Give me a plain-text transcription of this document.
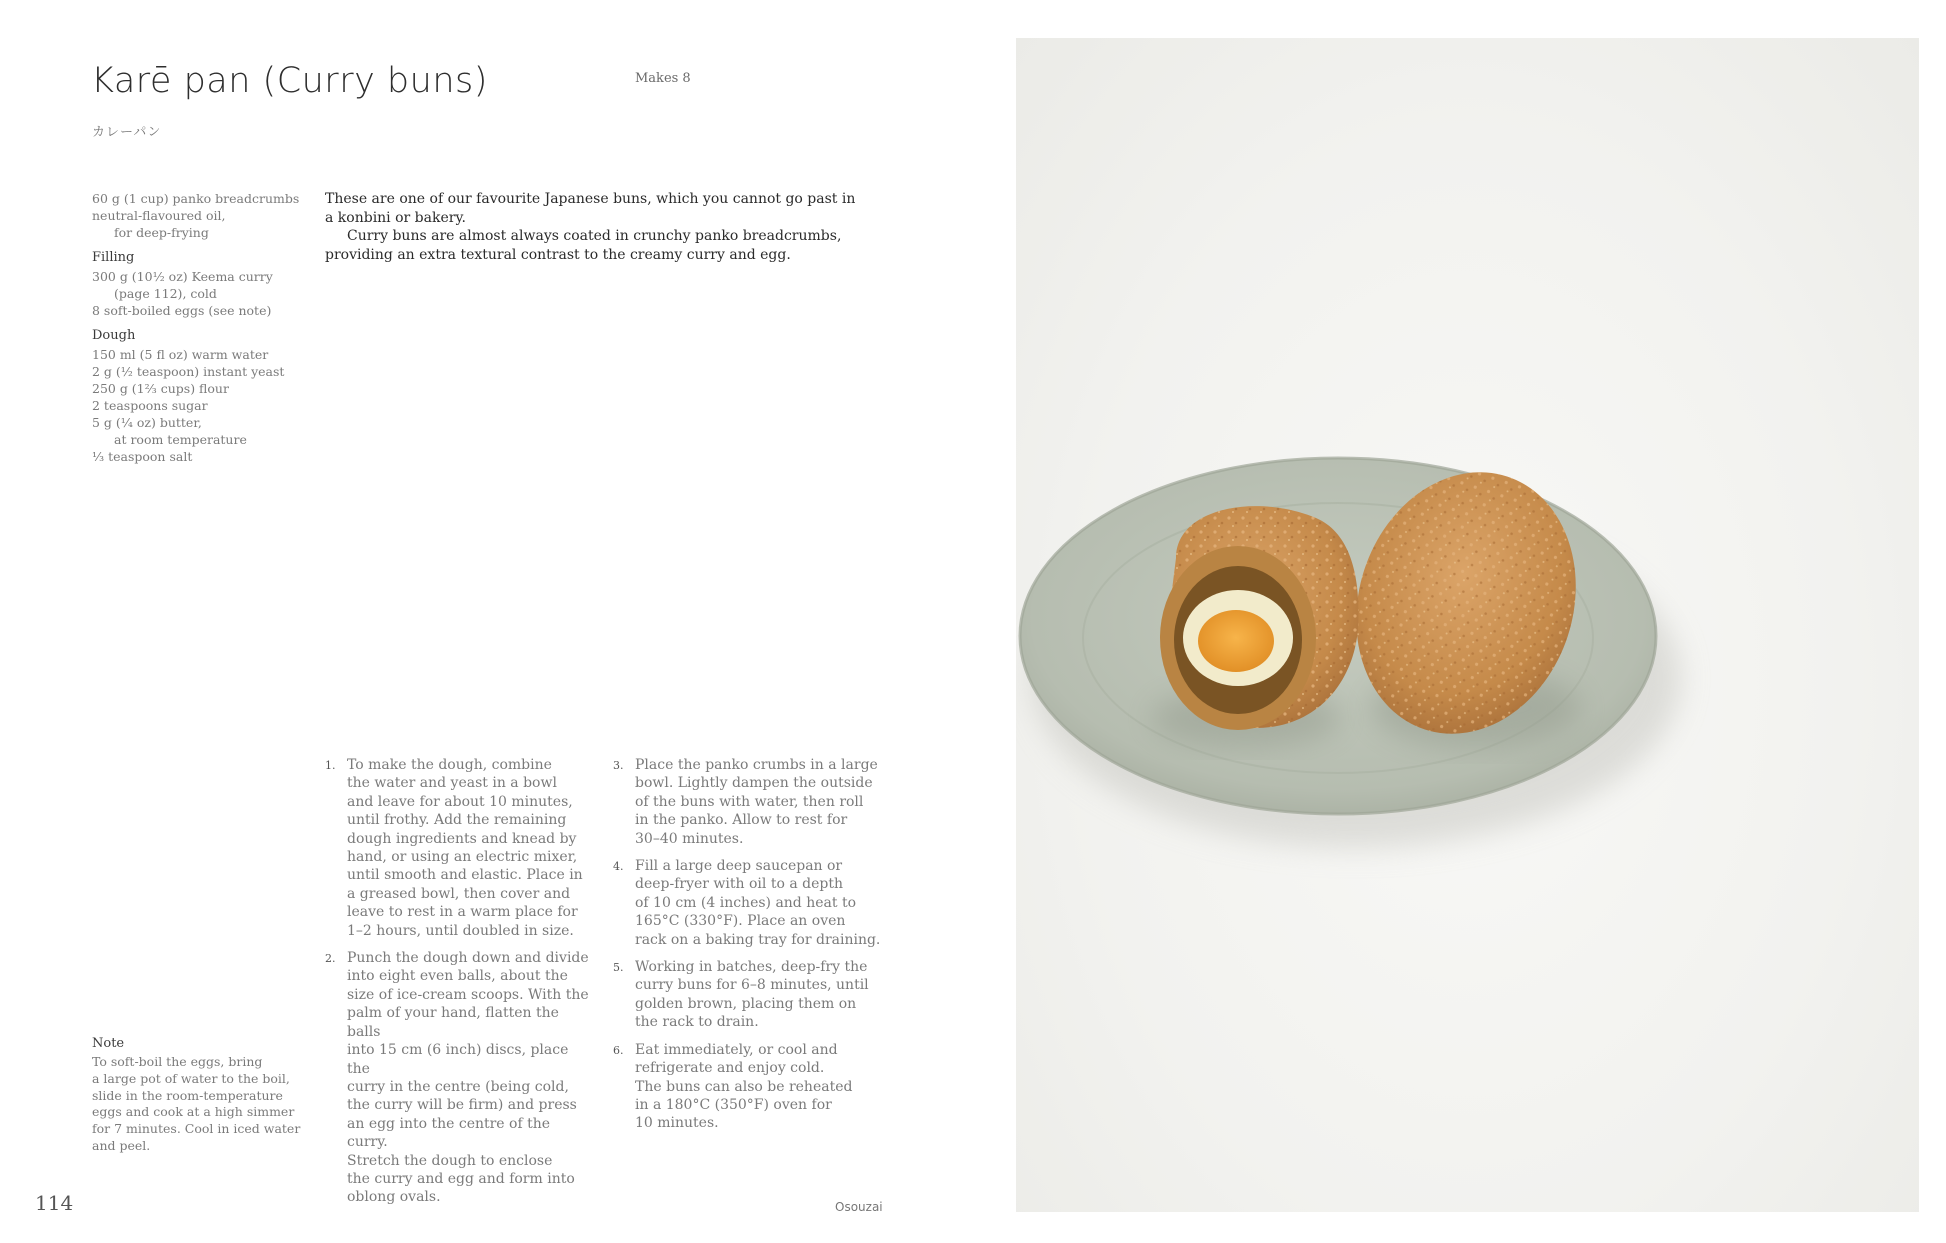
Karē pan (Curry buns)
カレーパン
Makes 8
60 g (1 cup) panko breadcrumbs
neutral-flavoured oil,
for deep-frying
Filling
300 g (10½ oz) Keema curry
(page 112), cold
8 soft-boiled eggs (see note)
Dough
150 ml (5 fl oz) warm water
2 g (½ teaspoon) instant yeast
250 g (1⅔ cups) flour
2 teaspoons sugar
5 g (¼ oz) butter,
at room temperature
⅓ teaspoon salt

These are one of our favourite Japanese buns, which you cannot go past in a konbini or bakery.

Curry buns are almost always coated in crunchy panko breadcrumbs, providing an extra textural contrast to the creamy curry and egg.

1. To make the dough, combine
the water and yeast in a bowl
and leave for about 10 minutes,
until frothy. Add the remaining
dough ingredients and knead by
hand, or using an electric mixer,
until smooth and elastic. Place in
a greased bowl, then cover and
leave to rest in a warm place for
1–2 hours, until doubled in size.
2. Punch the dough down and divide
into eight even balls, about the
size of ice-cream scoops. With the
palm of your hand, flatten the balls
into 15 cm (6 inch) discs, place the
curry in the centre (being cold,
the curry will be firm) and press
an egg into the centre of the curry.
Stretch the dough to enclose
the curry and egg and form into
oblong ovals.
3. Place the panko crumbs in a large
bowl. Lightly dampen the outside
of the buns with water, then roll
in the panko. Allow to rest for
30–40 minutes.
4. Fill a large deep saucepan or
deep-fryer with oil to a depth
of 10 cm (4 inches) and heat to
165°C (330°F). Place an oven
rack on a baking tray for draining.
5. Working in batches, deep-fry the
curry buns for 6–8 minutes, until
golden brown, placing them on
the rack to drain.
6. Eat immediately, or cool and
refrigerate and enjoy cold.
The buns can also be reheated
in a 180°C (350°F) oven for
10 minutes.
Note
To soft-boil the eggs, bring
a large pot of water to the boil,
slide in the room-temperature
eggs and cook at a high simmer
for 7 minutes. Cool in iced water
and peel.
114	Osouzai
